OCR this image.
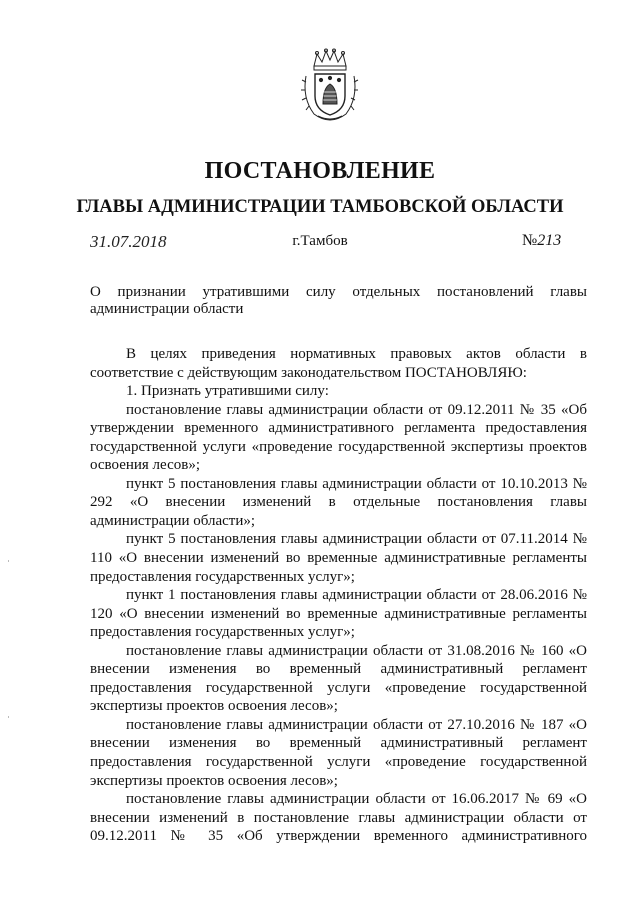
ПОСТАНОВЛЕНИЕ
ГЛАВЫ АДМИНИСТРАЦИИ ТАМБОВСКОЙ ОБЛАСТИ
31.07.2018	г.Тамбов	№213
О признании утратившими силу отдельных постановлений главы администрации области

В целях приведения нормативных правовых актов области в соответствие с действующим законодательством ПОСТАНОВЛЯЮ:

1. Признать утратившими силу:

постановление главы администрации области от 09.12.2011 № 35 «Об утверждении временного административного регламента предоставления государственной услуги «проведение государственной экспертизы проектов освоения лесов»;

пункт 5 постановления главы администрации области от 10.10.2013 № 292 «О внесении изменений в отдельные постановления главы администрации области»;

пункт 5 постановления главы администрации области от 07.11.2014 № 110 «О внесении изменений во временные административные регламенты предоставления государственных услуг»;

пункт 1 постановления главы администрации области от 28.06.2016 № 120 «О внесении изменений во временные административные регламенты предоставления государственных услуг»;

постановление главы администрации области от 31.08.2016 № 160 «О внесении изменения во временный административный регламент предоставления государственной услуги «проведение государственной экспертизы проектов освоения лесов»;

постановление главы администрации области от 27.10.2016 № 187 «О внесении изменения во временный административный регламент предоставления государственной услуги «проведение государственной экспертизы проектов освоения лесов»;

постановление главы администрации области от 16.06.2017 № 69 «О внесении изменений в постановление главы администрации области от 09.12.2011 № 35 «Об утверждении временного административного
